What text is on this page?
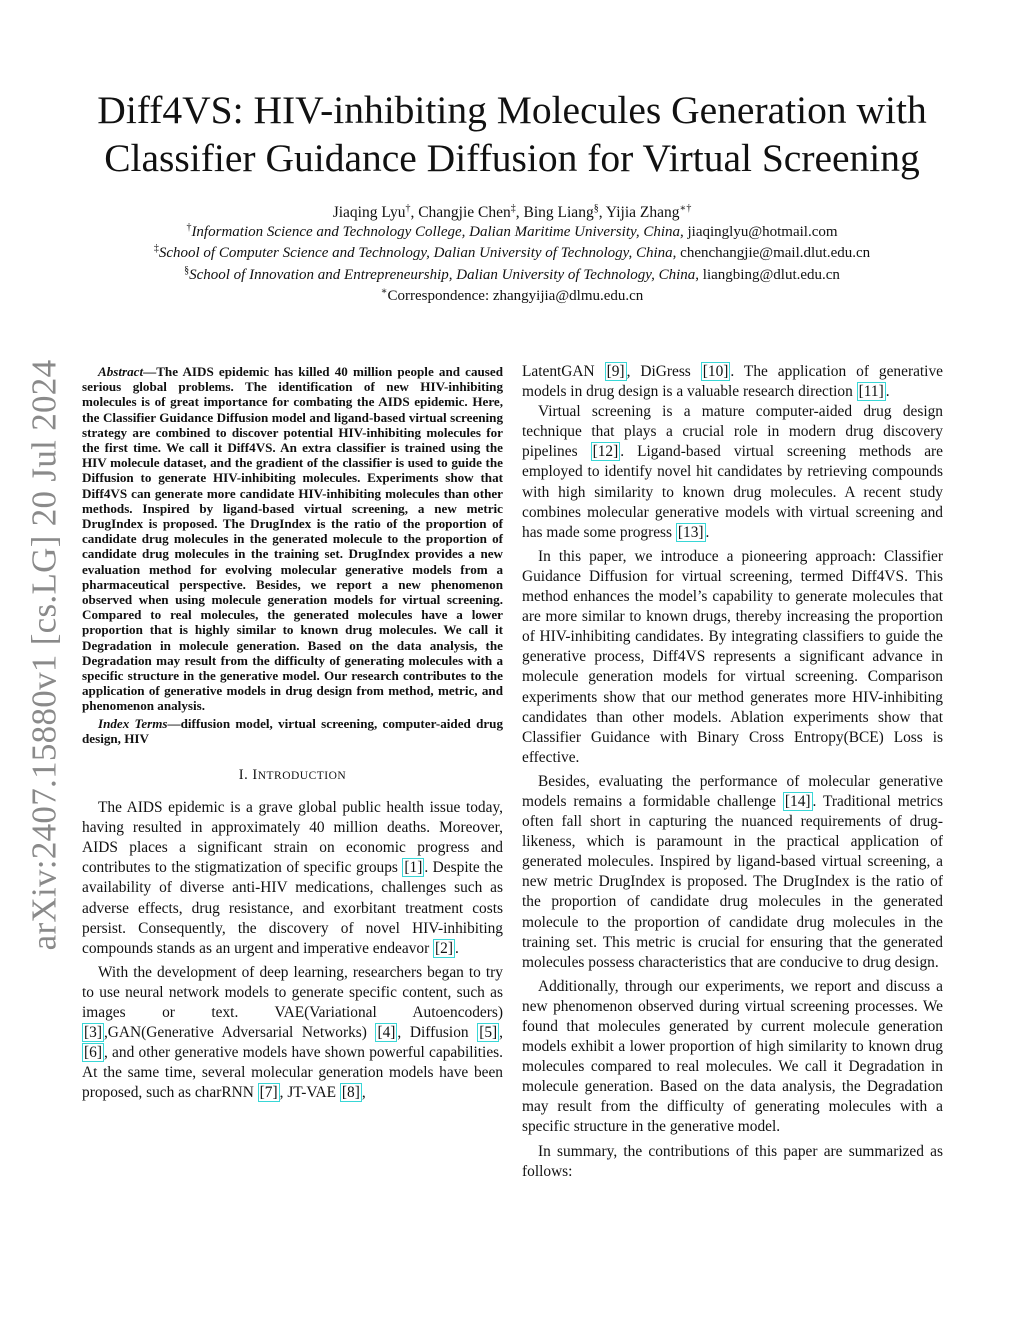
arXiv:2407.15880v1 [cs.LG] 20 Jul 2024
Diff4VS: HIV-inhibiting Molecules Generation with
Classifier Guidance Diffusion for Virtual Screening
Jiaqing Lyu†, Changjie Chen‡, Bing Liang§, Yijia Zhang∗†
†Information Science and Technology College, Dalian Maritime University, China, jiaqinglyu@hotmail.com
‡School of Computer Science and Technology, Dalian University of Technology, China, chenchangjie@mail.dlut.edu.cn
§School of Innovation and Entrepreneurship, Dalian University of Technology, China, liangbing@dlut.edu.cn
∗Correspondence: zhangyijia@dlmu.edu.cn

Abstract—The AIDS epidemic has killed 40 million people and caused serious global problems. The identification of new HIV-inhibiting molecules is of great importance for combating the AIDS epidemic. Here, the Classifier Guidance Diffusion model and ligand-based virtual screening strategy are combined to discover potential HIV-inhibiting molecules for the first time. We call it Diff4VS. An extra classifier is trained using the HIV molecule dataset, and the gradient of the classifier is used to guide the Diffusion to generate HIV-inhibiting molecules. Experiments show that Diff4VS can generate more candidate HIV-inhibiting molecules than other methods. Inspired by ligand-based virtual screening, a new metric DrugIndex is proposed. The DrugIndex is the ratio of the proportion of candidate drug molecules in the generated molecule to the proportion of candidate drug molecules in the training set. DrugIndex provides a new evaluation method for evolving molecular generative models from a pharmaceutical perspective. Besides, we report a new phenomenon observed when using molecule generation models for virtual screening. Compared to real molecules, the generated molecules have a lower proportion that is highly similar to known drug molecules. We call it Degradation in molecule generation. Based on the data analysis, the Degradation may result from the difficulty of generating molecules with a specific structure in the generative model. Our research contributes to the application of generative models in drug design from method, metric, and phenomenon analysis.

Index Terms—diffusion model, virtual screening, computer-aided drug design, HIV

I. INTRODUCTION

The AIDS epidemic is a grave global public health issue today, having resulted in approximately 40 million deaths. Moreover, AIDS places a significant strain on economic progress and contributes to the stigmatization of specific groups [1] . Despite the availability of diverse anti-HIV medications, challenges such as adverse effects, drug resistance, and exorbitant treatment costs persist. Consequently, the discovery of novel HIV-inhibiting compounds stands as an urgent and imperative endeavor [2] .

With the development of deep learning, researchers began to try to use neural network models to generate specific content, such as images or text. VAE(Variational Autoencoders) [3] ,GAN(Generative Adversarial Networks) [4] , Diffusion [5] , [6] , and other generative models have shown powerful capabilities. At the same time, several molecular generation models have been proposed, such as charRNN [7] , JT-VAE [8] ,

LatentGAN [9] , DiGress [10] . The application of generative models in drug design is a valuable research direction [11] .

Virtual screening is a mature computer-aided drug design technique that plays a crucial role in modern drug discovery pipelines [12] . Ligand-based virtual screening methods are employed to identify novel hit candidates by retrieving compounds with high similarity to known drug molecules. A recent study combines molecular generative models with virtual screening and has made some progress [13] .

In this paper, we introduce a pioneering approach: Classifier Guidance Diffusion for virtual screening, termed Diff4VS. This method enhances the model’s capability to generate molecules that are more similar to known drugs, thereby increasing the proportion of HIV-inhibiting candidates. By integrating classifiers to guide the generative process, Diff4VS represents a significant advance in molecule generation models for virtual screening. Comparison experiments show that our method generates more HIV-inhibiting candidates than other models. Ablation experiments show that Classifier Guidance with Binary Cross Entropy(BCE) Loss is effective.

Besides, evaluating the performance of molecular generative models remains a formidable challenge [14] . Traditional metrics often fall short in capturing the nuanced requirements of drug-likeness, which is paramount in the practical application of generated molecules. Inspired by ligand-based virtual screening, a new metric DrugIndex is proposed. The DrugIndex is the ratio of the proportion of candidate drug molecules in the generated molecule to the proportion of candidate drug molecules in the training set. This metric is crucial for ensuring that the generated molecules possess characteristics that are conducive to drug design.

Additionally, through our experiments, we report and discuss a new phenomenon observed during virtual screening processes. We found that molecules generated by current molecule generation models exhibit a lower proportion of high similarity to known drug molecules compared to real molecules. We call it Degradation in molecule generation. Based on the data analysis, the Degradation may result from the difficulty of generating molecules with a specific structure in the generative model.

In summary, the contributions of this paper are summarized as follows:
